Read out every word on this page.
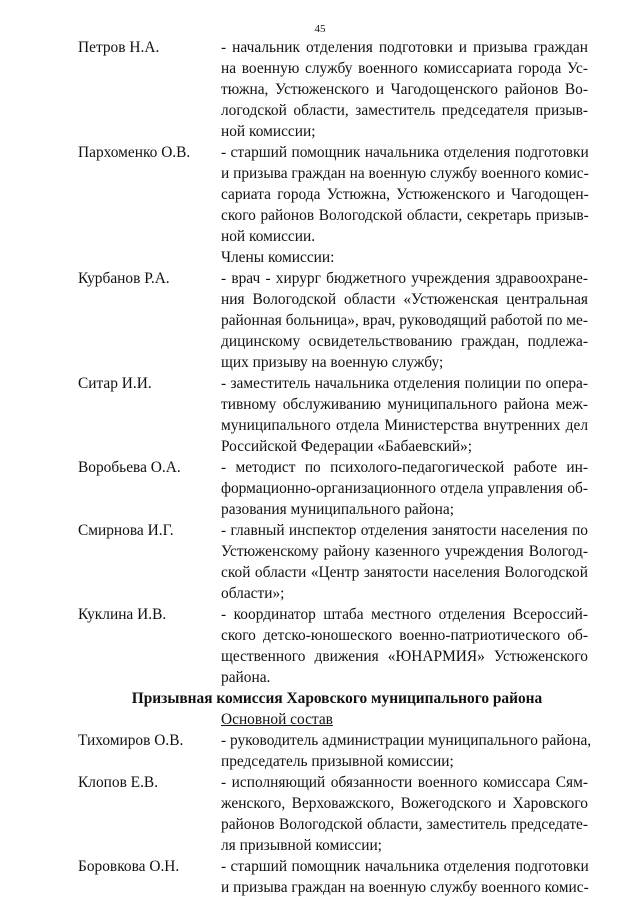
45
Петров Н.А.	- начальник отделения подготовки и призыва граждан
на военную службу военного комиссариата города Ус-
тюжна, Устюженского и Чагодощенского районов Во-
логодской области, заместитель председателя призыв-
ной комиссии;
Пархоменко О.В.	- старший помощник начальника отделения подготовки
и призыва граждан на военную службу военного комис-
сариата города Устюжна, Устюженского и Чагодощен-
ского районов Вологодской области, секретарь призыв-
ной комиссии.
Члены комиссии:
Курбанов Р.А.	- врач - хирург бюджетного учреждения здравоохране-
ния Вологодской области «Устюженская центральная
районная больница», врач, руководящий работой по ме-
дицинскому освидетельствованию граждан, подлежа-
щих призыву на военную службу;
Ситар И.И.	- заместитель начальника отделения полиции по опера-
тивному обслуживанию муниципального района меж-
муниципального отдела Министерства внутренних дел
Российской Федерации «Бабаевский»;
Воробьева О.А.	- методист по психолого-педагогической работе ин-
формационно-организационного отдела управления об-
разования муниципального района;
Смирнова И.Г.	- главный инспектор отделения занятости населения по
Устюженскому району казенного учреждения Вологод-
ской области «Центр занятости населения Вологодской
области»;
Куклина И.В.	- координатор штаба местного отделения Всероссий-
ского детско-юношеского военно-патриотического об-
щественного движения «ЮНАРМИЯ» Устюженского
района.
Призывная комиссия Хаpовского муниципального района
Основной состав
Тихомиров О.В.	- руководитель администрации муниципального района,
председатель призывной комиссии;
Клопов Е.В.	- исполняющий обязанности военного комиссара Сям-
женского, Верховажского, Вожегодского и Харовского
районов Вологодской области, заместитель председате-
ля призывной комиссии;
Боровкова О.Н.	- старший помощник начальника отделения подготовки
и призыва граждан на военную службу военного комис-
